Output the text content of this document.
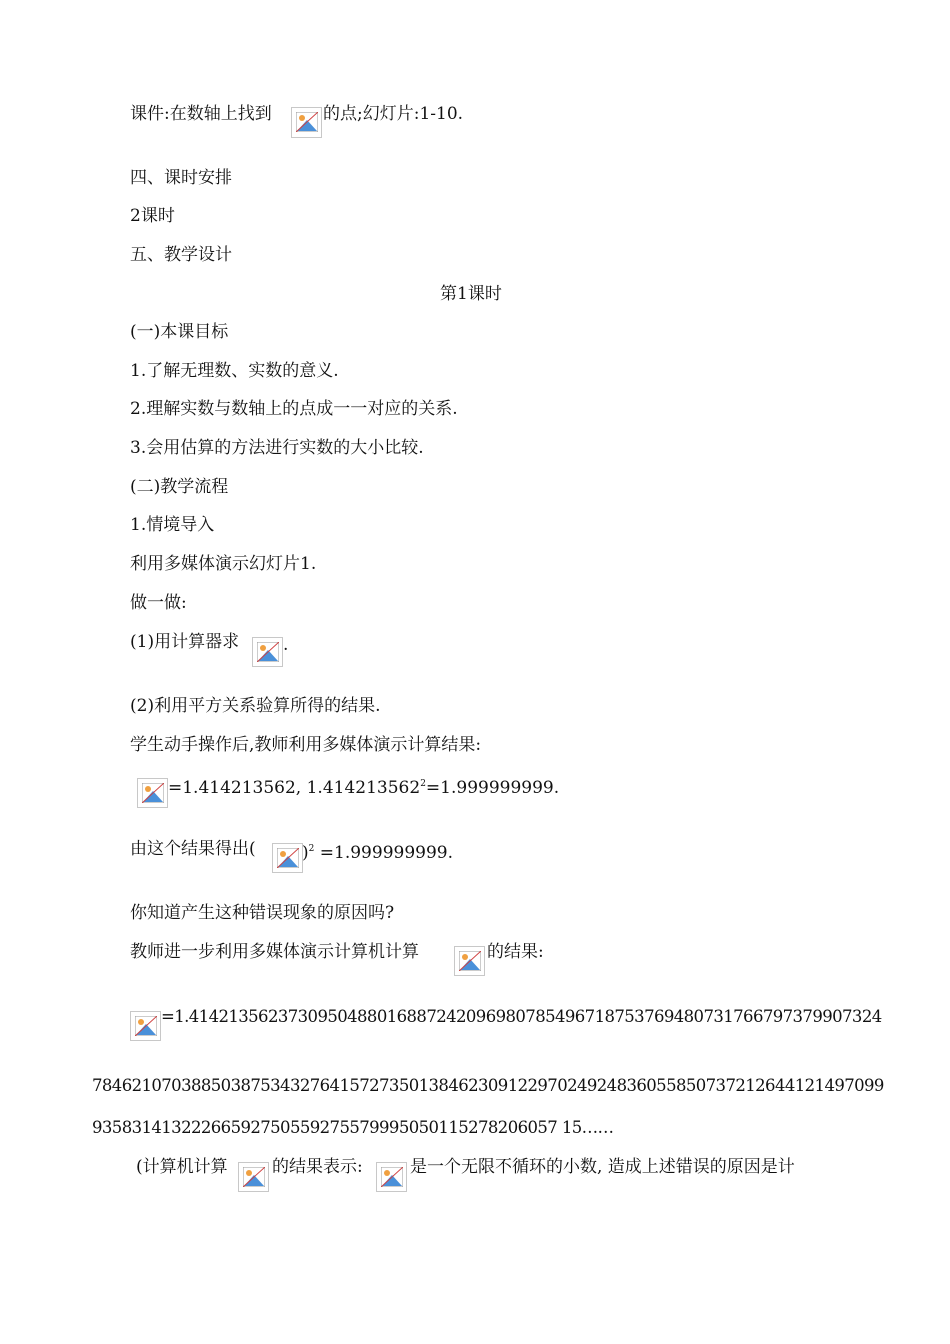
课件:在数轴上找到	的点;幻灯片:1-10.
四、课时安排
2课时
五、教学设计
第1课时
(一)本课目标
1.了解无理数、实数的意义.
2.理解实数与数轴上的点成一一对应的关系.
3.会用估算的方法进行实数的大小比较.
(二)教学流程
1.情境导入
利用多媒体演示幻灯片1.
做一做:
(1)用计算器求	.
(2)利用平方关系验算所得的结果.
学生动手操作后,教师利用多媒体演示计算结果:
=1.414213562, $1.414213562^2=1.999999999$.
由这个结果得出(	)$^2$ =1.999999999.
你知道产生这种错误现象的原因吗?
教师进一步利用多媒体演示计算机计算	的结果:
=1.4142135623730950488016887242096980785496718753769480731766797379907324
78462107038850387534327641572735013846230912297024924836055850737212644121497099
93583141322266592750559275579995050115278206057 15……
(计算机计算	的结果表示:	是一个无限不循环的小数, 造成上述错误的原因是计
